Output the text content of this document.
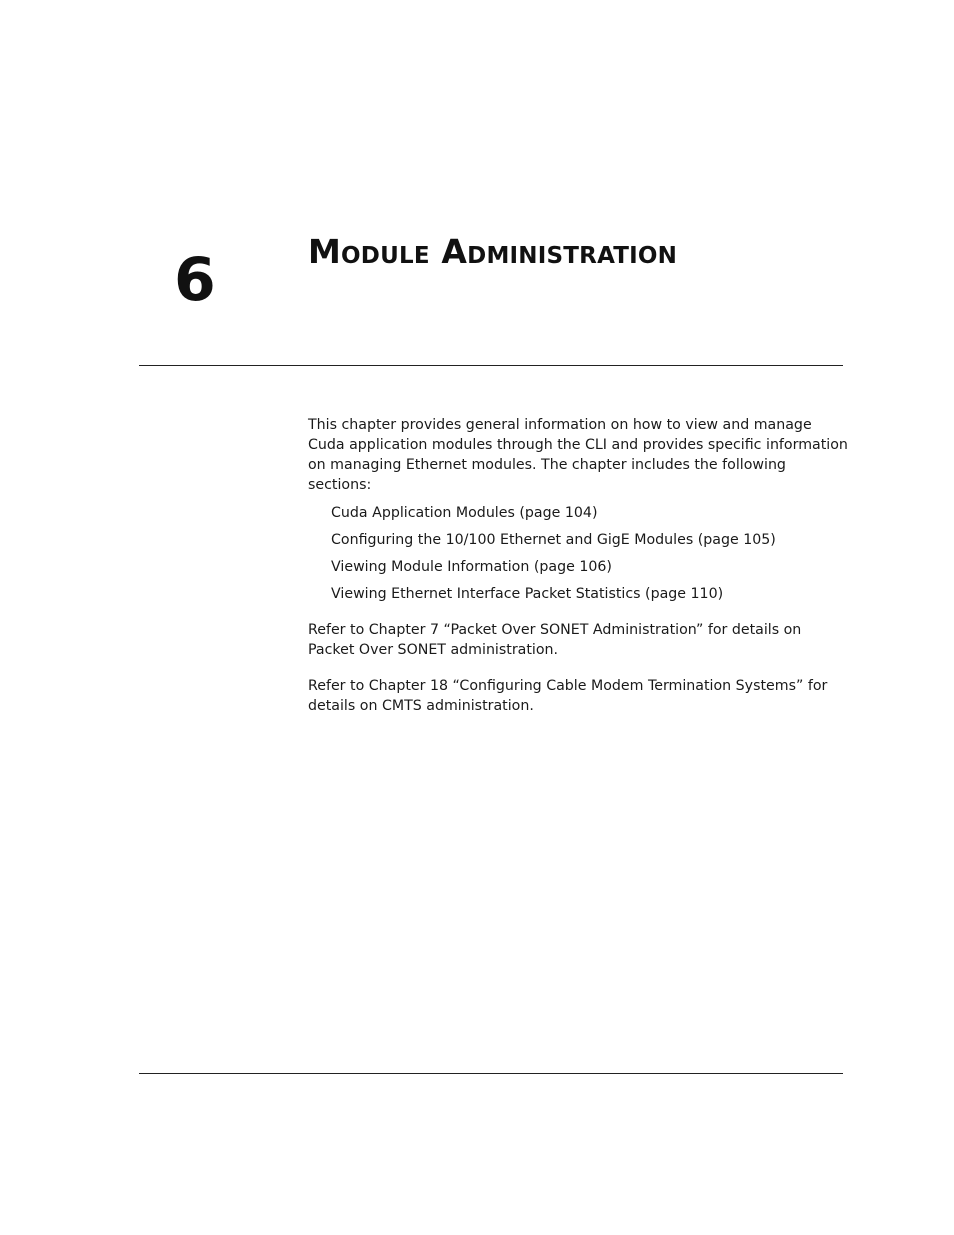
6	Module Administration

This chapter provides general information on how to view and manage Cuda application modules through the CLI and provides specific information on managing Ethernet modules. The chapter includes the following sections:

Cuda Application Modules (page 104)
Configuring the 10/100 Ethernet and GigE Modules (page 105)
Viewing Module Information (page 106)
Viewing Ethernet Interface Packet Statistics (page 110)

Refer to Chapter 7 “Packet Over SONET Administration” for details on Packet Over SONET administration.

Refer to Chapter 18 “Configuring Cable Modem Termination Systems” for details on CMTS administration.
